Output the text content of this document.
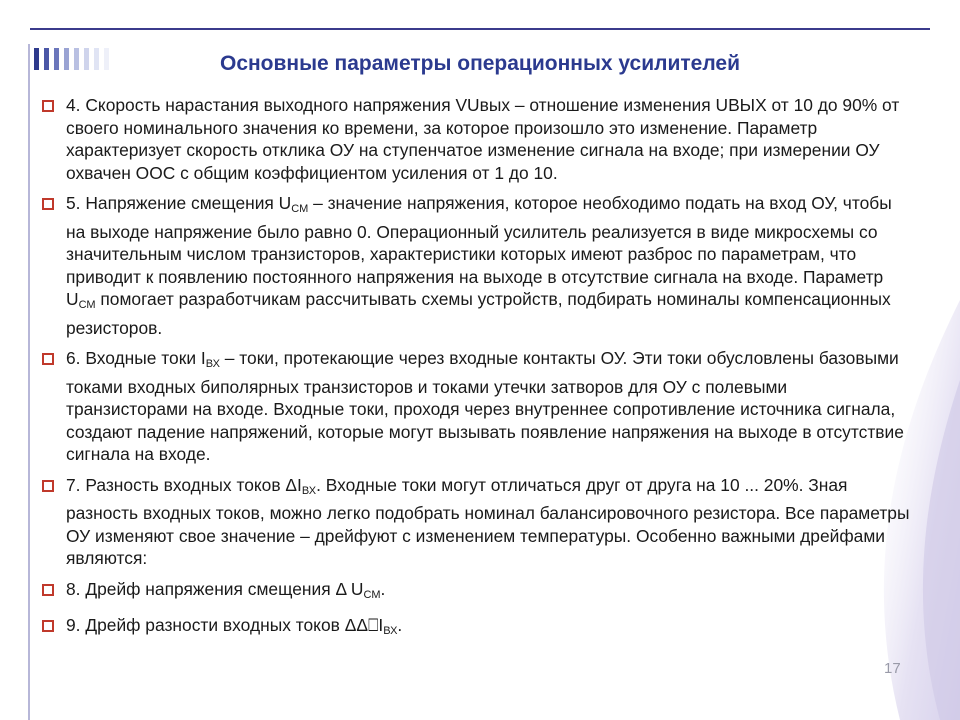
Основные параметры операционных усилителей
4. Скорость нарастания выходного напряжения VUвых – отношение изменения UВЫХ от 10 до 90% от своего номинального значения ко времени, за которое произошло это изменение. Параметр характеризует скорость отклика ОУ на ступенчатое изменение сигнала на входе; при измерении ОУ охвачен ООС с общим коэффициентом усиления от 1 до 10.
5. Напряжение смещения $U_{СМ}$ – значение напряжения, которое необходимо подать на вход ОУ, чтобы на выходе напряжение было равно 0. Операционный усилитель реализуется в виде микросхемы со значительным числом транзисторов, характеристики которых имеют разброс по параметрам, что приводит к появлению постоянного напряжения на выходе в отсутствие сигнала на входе. Параметр $U_{СМ}$ помогает разработчикам рассчитывать схемы устройств, подбирать номиналы компенсационных резисторов.
6. Входные токи $I_{ВХ}$ – токи, протекающие через входные контакты ОУ. Эти токи обусловлены базовыми токами входных биполярных транзисторов и токами утечки затворов для ОУ с полевыми транзисторами на входе. Входные токи, проходя через внутреннее сопротивление источника сигнала, создают падение напряжений, которые могут вызывать появление напряжения на выходе в отсутствие сигнала на входе.
7. Разность входных токов $\Delta I_{ВХ}$. Входные токи могут отличаться друг от друга на 10 ... 20%. Зная разность входных токов, можно легко подобрать номинал балансировочного резистора. Все параметры ОУ изменяют свое значение – дрейфуют с изменением температуры. Особенно важными дрейфами являются:
8. Дрейф напряжения смещения Δ $U_{СМ}$.
9. Дрейф разности входных токов $\Delta\Delta⎕I_{ВХ}$.
17
